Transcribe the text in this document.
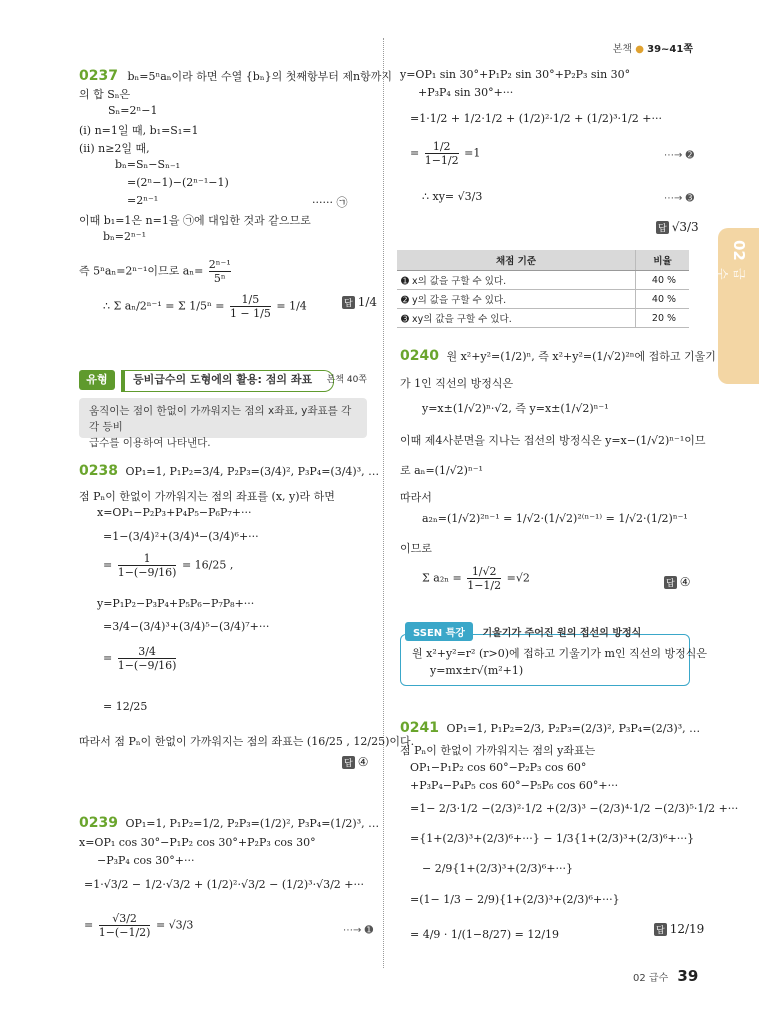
본책 ● 39~41쪽
02
급수
0237 bₙ=5ⁿaₙ이라 하면 수열 {bₙ}의 첫째항부터 제n항까지
의 합 Sₙ은
Sₙ=2ⁿ−1
(ⅰ) n=1일 때, b₁=S₁=1
(ⅱ) n≥2일 때,
bₙ=Sₙ−Sₙ₋₁
=(2ⁿ−1)−(2ⁿ⁻¹−1)
=2ⁿ⁻¹	······ ㉠
이때 b₁=1은 n=1을 ㉠에 대입한 것과 같으므로
bₙ=2ⁿ⁻¹
즉 5ⁿaₙ=2ⁿ⁻¹이므로 $a_n= \frac{\text{2ⁿ⁻¹}}{\text{5ⁿ}}$
∴ Σ aₙ/2ⁿ⁻¹ = Σ $1/5^n = \frac{1/5}{1 - 1/5} = 1/4$	답 1/4
유형	등비급수의 도형에의 활용: 점의 좌표	본책 40쪽
움직이는 점이 한없이 가까워지는 점의 x좌표, y좌표를 각각 등비
급수를 이용하여 나타낸다.
0238 OP₁=1, P₁P₂=3/4, P₂P₃=(3/4)², P₃P₄=(3/4)³, …
점 Pₙ이 한없이 가까워지는 점의 좌표를 (x, y)라 하면
x=OP₁−P₂P₃+P₄P₅−P₆P₇+···
=1−(3/4)²+(3/4)⁴−(3/4)⁶+···
= $\frac{1}{1-(-9/16)} = 16/25$ ,
y=P₁P₂−P₃P₄+P₅P₆−P₇P₈+···
=3/4−(3/4)³+(3/4)⁵−(3/4)⁷+···
= $\frac{3/4}{1-(-9/16)}$
= 12/25
따라서 점 Pₙ이 한없이 가까워지는 점의 좌표는 (16/25 , 12/25)이다.
답 ④
0239 OP₁=1, P₁P₂=1/2, P₂P₃=(1/2)², P₃P₄=(1/2)³, …
x=OP₁ cos 30°−P₁P₂ cos 30°+P₂P₃ cos 30°
−P₃P₄ cos 30°+···
=1·√3/2 − 1/2·√3/2 + (1/2)²·√3/2 − (1/2)³·√3/2 +···
= $\frac{√3/2}{1-(-1/2)} = √3/3$	⋯→ ➊
y=OP₁ sin 30°+P₁P₂ sin 30°+P₂P₃ sin 30°
+P₃P₄ sin 30°+···
=1·1/2 + 1/2·1/2 + (1/2)²·1/2 + (1/2)³·1/2 +···
= $\frac{1/2}{1-1/2} =1$	⋯→ ➋
∴ xy= √3/3	⋯→ ➌
답 √3/3
채점 기준	비율
➊ x의 값을 구할 수 있다.	40 %
➋ y의 값을 구할 수 있다.	40 %
➌ xy의 값을 구할 수 있다.	20 %
0240 원 x²+y²=(1/2)ⁿ, 즉 x²+y²=(1/√2)²ⁿ에 접하고 기울기
가 1인 직선의 방정식은
y=x±(1/√2)ⁿ·√2, 즉 y=x±(1/√2)ⁿ⁻¹
이때 제4사분면을 지나는 접선의 방정식은 y=x−(1/√2)ⁿ⁻¹이므
로 aₙ=(1/√2)ⁿ⁻¹
따라서
a₂ₙ=(1/√2)²ⁿ⁻¹ = 1/√2·(1/√2)²⁽ⁿ⁻¹⁾ = 1/√2·(1/2)ⁿ⁻¹
이므로
Σ $a_{2n} = \frac{1/√2}{1-1/2} =√2$	답 ④
SSEN 특강 기울기가 주어진 원의 접선의 방정식
원 x²+y²=r² (r>0)에 접하고 기울기가 m인 직선의 방정식은
y=mx±r√(m²+1)
0241 OP₁=1, P₁P₂=2/3, P₂P₃=(2/3)², P₃P₄=(2/3)³, …
점 Pₙ이 한없이 가까워지는 점의 y좌표는
OP₁−P₁P₂ cos 60°−P₂P₃ cos 60°
+P₃P₄−P₄P₅ cos 60°−P₅P₆ cos 60°+···
=1− 2/3·1/2 −(2/3)²·1/2 +(2/3)³ −(2/3)⁴·1/2 −(2/3)⁵·1/2 +···
={1+(2/3)³+(2/3)⁶+···} − 1/3{1+(2/3)³+(2/3)⁶+···}
− 2/9{1+(2/3)³+(2/3)⁶+···}
=(1− 1/3 − 2/9){1+(2/3)³+(2/3)⁶+···}
= 4/9 · 1/(1−8/27) = 12/19	답 12/19
02 급수 39
